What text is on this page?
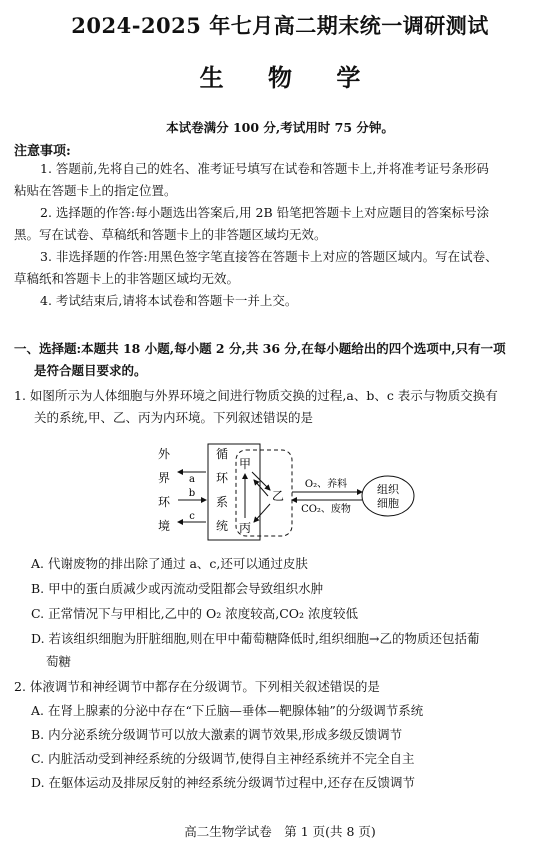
2024-2025 年七月高二期末统一调研测试
生 物 学
本试卷满分 100 分,考试用时 75 分钟。
注意事项:
1. 答题前,先将自己的姓名、准考证号填写在试卷和答题卡上,并将准考证号条形码
粘贴在答题卡上的指定位置。
2. 选择题的作答:每小题选出答案后,用 2B 铅笔把答题卡上对应题目的答案标号涂
黑。写在试卷、草稿纸和答题卡上的非答题区域均无效。
3. 非选择题的作答:用黑色签字笔直接答在答题卡上对应的答题区域内。写在试卷、
草稿纸和答题卡上的非答题区域均无效。
4. 考试结束后,请将本试卷和答题卡一并上交。
一、选择题:本题共 18 小题,每小题 2 分,共 36 分,在每小题给出的四个选项中,只有一项
是符合题目要求的。
1. 如图所示为人体细胞与外界环境之间进行物质交换的过程,a、b、c 表示与物质交换有
关的系统,甲、乙、丙为内环境。下列叙述错误的是
外
界
环
境
a
b
c
循
环
系
统
甲
丙
乙
O₂、养料
CO₂、废物
组织
细胞
A. 代谢废物的排出除了通过 a、c,还可以通过皮肤
B. 甲中的蛋白质减少或丙流动受阻都会导致组织水肿
C. 正常情况下与甲相比,乙中的 O₂ 浓度较高,CO₂ 浓度较低
D. 若该组织细胞为肝脏细胞,则在甲中葡萄糖降低时,组织细胞→乙的物质还包括葡
萄糖
2. 体液调节和神经调节中都存在分级调节。下列相关叙述错误的是
A. 在肾上腺素的分泌中存在“下丘脑—垂体—靶腺体轴”的分级调节系统
B. 内分泌系统分级调节可以放大激素的调节效果,形成多级反馈调节
C. 内脏活动受到神经系统的分级调节,使得自主神经系统并不完全自主
D. 在躯体运动及排尿反射的神经系统分级调节过程中,还存在反馈调节
高二生物学试卷　第 1 页(共 8 页)
